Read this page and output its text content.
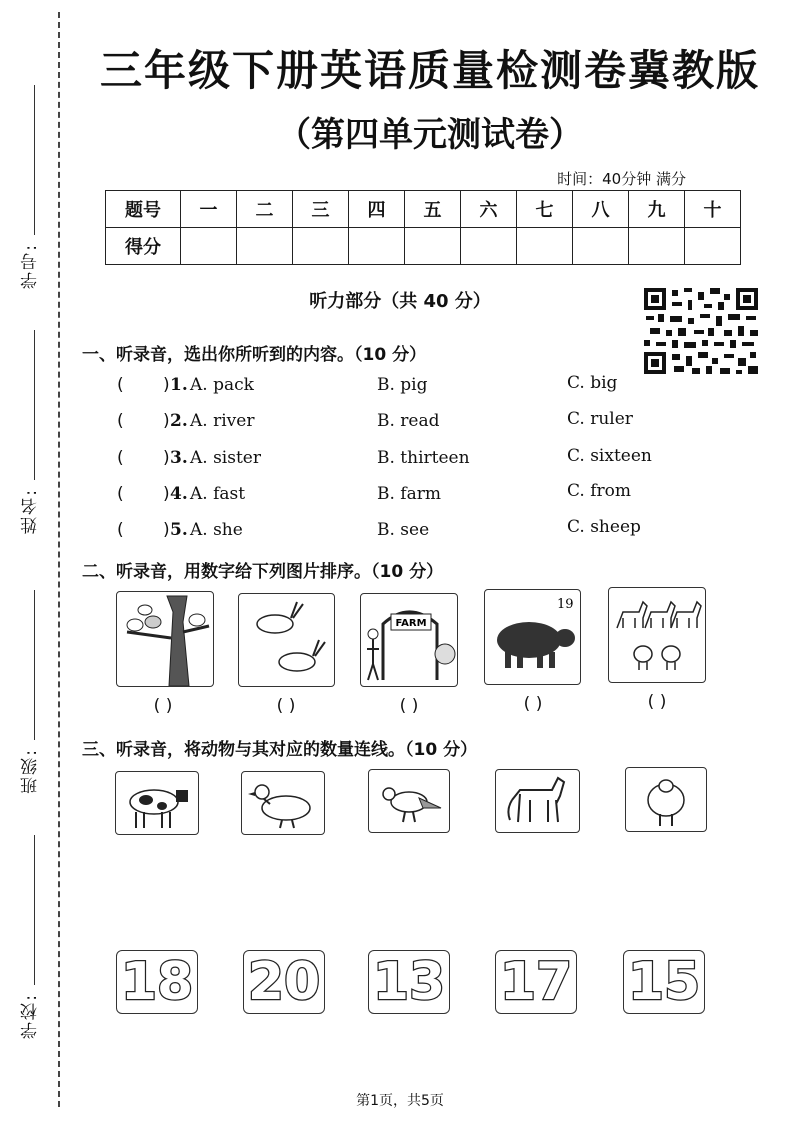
学号:
姓名:
班级:
学校:
三年级下册英语质量检测卷冀教版
（第四单元测试卷）
时间：40分钟 满分
题号	一	二	三	四	五	六	七	八	九	十
得分										
听力部分（共 40 分）
一、听录音，选出你所听到的内容。（10 分）
( ) 1. A. pack	B. pig	C. big
( ) 2. A. river	B. read	C. ruler
( ) 3. A. sister	B. thirteen	C. sixteen
( ) 4. A. fast	B. farm	C. from
( ) 5. A. she	B. see	C. sheep
二、听录音，用数字给下列图片排序。（10 分）
FARM
19
( )	( )	( )	( )	( )
三、听录音，将动物与其对应的数量连线。（10 分）
18 20 13 17 15
第1页，共5页
